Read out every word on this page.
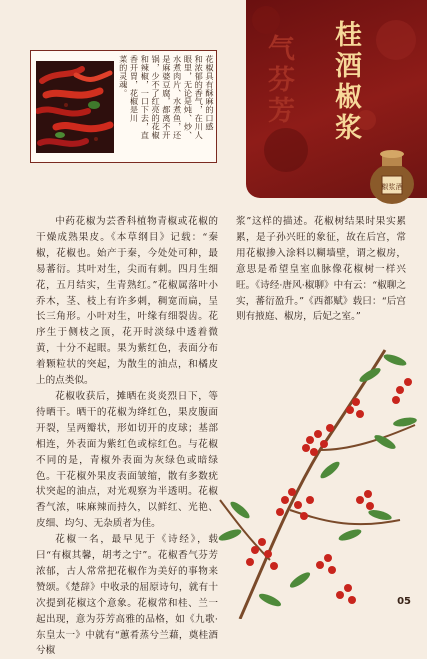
花椒具有酥麻的口感
和浓郁的香气，在川人
眼里，无论是炖、炒、
水煮肉片、水煮鱼，还
是麻婆豆腐，都离不开
锅，少不了红亮的花椒
和辣椒，一口下去，直
香开胃，花椒是川
菜的灵魂。	桂酒椒浆
气芬芳
椒浆酒

中药花椒为芸香科植物青椒或花椒的干燥成熟果皮。《本草纲目》记载：“秦椒，花椒也。始产于秦，今处处可种，最易蕃衍。其叶对生，尖而有刺。四月生细花，五月结实，生青熟红。”花椒属落叶小乔木，茎、枝上有许多刺，稠宽而扁，呈长三角形。小叶对生，叶缘有细裂齿。花序生于侧枝之顶，花开时淡绿中透着微黄，十分不起眼。果为紫红色，表面分布着颗粒状的突起，为散生的油点，和橘皮上的点类似。

花椒收获后，摊晒在炎炎烈日下，等待晒干。晒干的花椒为绛红色，果皮腹面开裂，呈两瓣状，形如切开的皮球；基部相连，外表面为紫红色或棕红色。与花椒不同的是，青椒外表面为灰绿色或暗绿色。干花椒外果皮表面皱缩，散有多数疣状突起的油点，对光观察为半透明。花椒香气浓，味麻辣而持久，以鲜红、光艳、皮细、均匀、无杂质者为佳。

花椒一名，最早见于《诗经》，载曰“有椒其馨，胡考之宁”。花椒香气芬芳浓郁，古人常常把花椒作为美好的事物来赞颂。《楚辞》中收录的屈原诗句，就有十次提到花椒这个意象。花椒常和桂、兰一起出现，意为芬芳高雅的品格，如《九歌·东皇太一》中就有“蕙肴蒸兮兰藉，奠桂酒兮椒

浆”这样的描述。花椒树结果时果实累累，是子孙兴旺的象征，故在后宫，常用花椒掺入涂料以糊墙壁，谓之椒房，意思是希望皇室血脉像花椒树一样兴旺。《诗经·唐风·椒聊》中有云：“椒聊之实，蕃衍盈升。”《西都赋》载曰：“后宫则有掖庭、椒房，后妃之室。”

05
